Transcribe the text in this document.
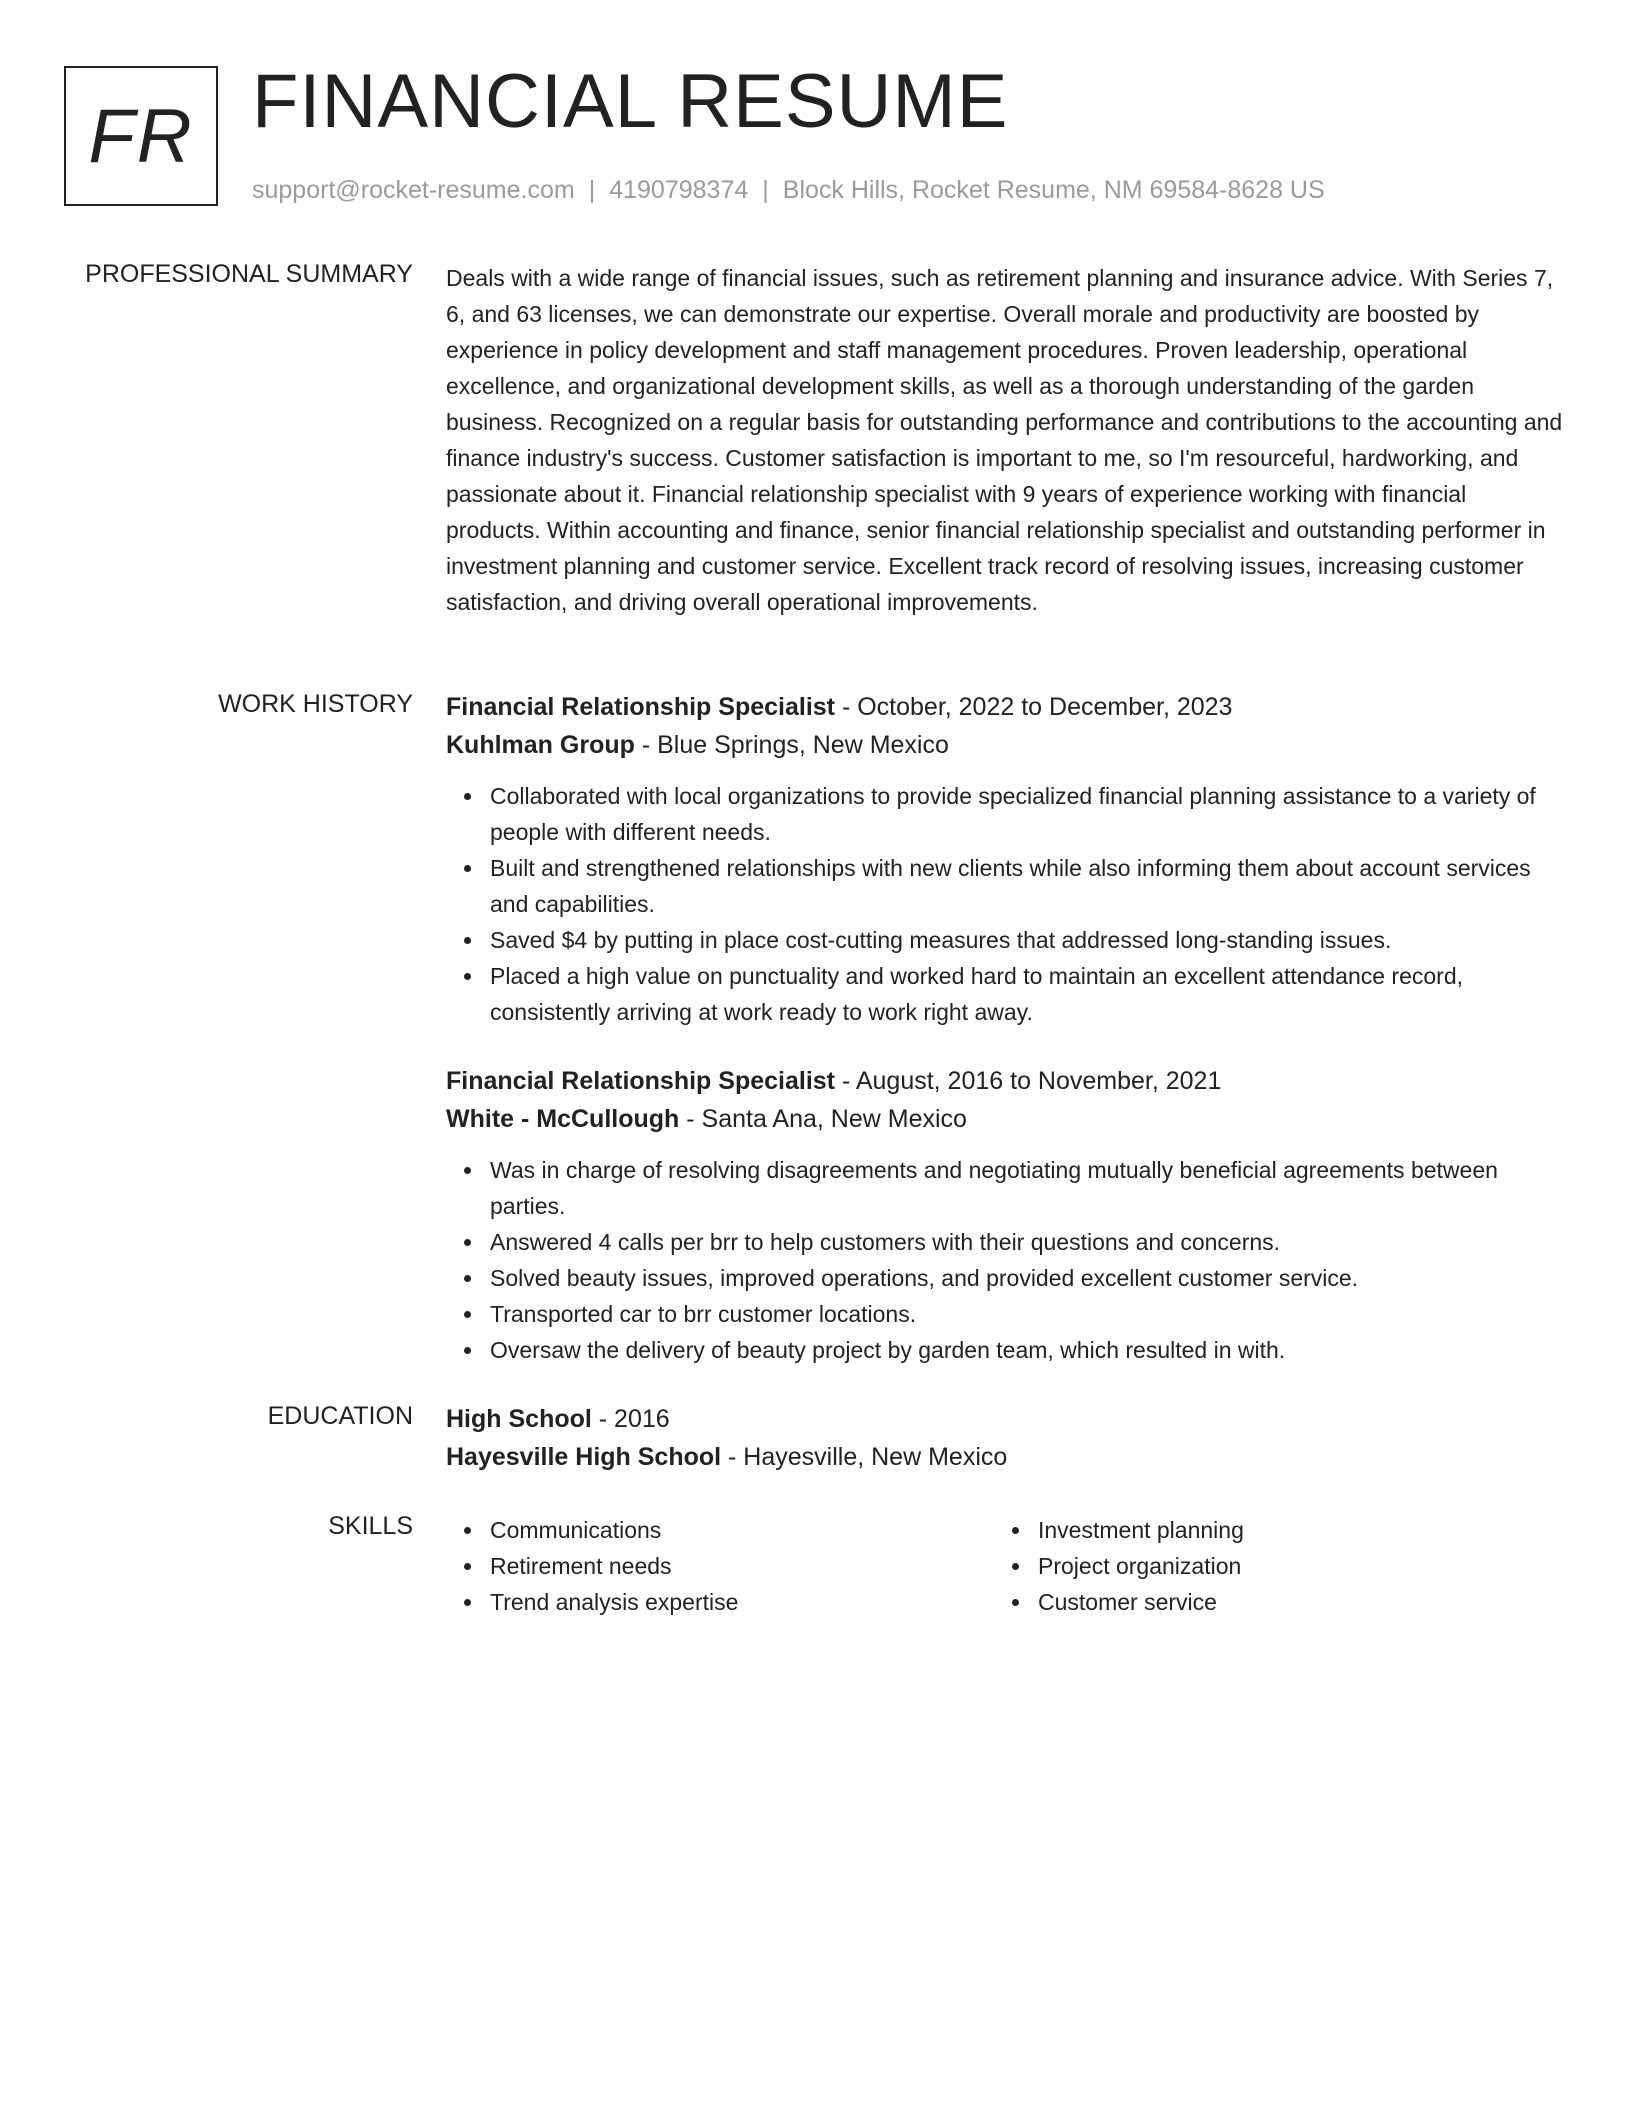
FR FINANCIAL RESUME
support@rocket-resume.com | 4190798374 | Block Hills, Rocket Resume, NM 69584-8628 US
PROFESSIONAL SUMMARY Deals with a wide range of financial issues, such as retirement planning and insurance advice. With Series 7, 6, and 63 licenses, we can demonstrate our expertise. Overall morale and productivity are boosted by experience in policy development and staff management procedures. Proven leadership, operational excellence, and organizational development skills, as well as a thorough understanding of the garden business. Recognized on a regular basis for outstanding performance and contributions to the accounting and finance industry's success. Customer satisfaction is important to me, so I'm resourceful, hardworking, and passionate about it. Financial relationship specialist with 9 years of experience working with financial products. Within accounting and finance, senior financial relationship specialist and outstanding performer in investment planning and customer service. Excellent track record of resolving issues, increasing customer satisfaction, and driving overall operational improvements.

WORK HISTORY Financial Relationship Specialist - October, 2022 to December, 2023
Kuhlman Group - Blue Springs, New Mexico
Collaborated with local organizations to provide specialized financial planning assistance to a variety of people with different needs.
Built and strengthened relationships with new clients while also informing them about account services and capabilities.
Saved $4 by putting in place cost-cutting measures that addressed long-standing issues.
Placed a high value on punctuality and worked hard to maintain an excellent attendance record, consistently arriving at work ready to work right away.
Financial Relationship Specialist - August, 2016 to November, 2021
White - McCullough - Santa Ana, New Mexico
Was in charge of resolving disagreements and negotiating mutually beneficial agreements between parties.
Answered 4 calls per brr to help customers with their questions and concerns.
Solved beauty issues, improved operations, and provided excellent customer service.
Transported car to brr customer locations.
Oversaw the delivery of beauty project by garden team, which resulted in with.
EDUCATION High School - 2016
Hayesville High School - Hayesville, New Mexico
SKILLS	Communications
Retirement needs
Trend analysis expertise
Investment planning
Project organization
Customer service
